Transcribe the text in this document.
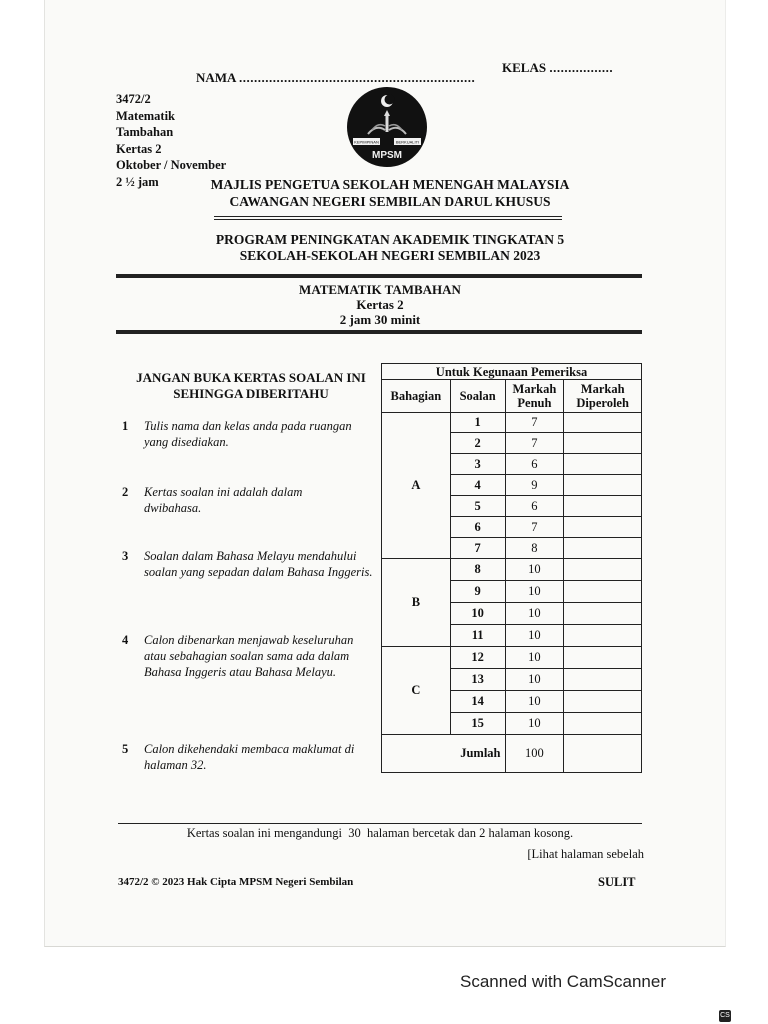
NAMA ...............................................................
KELAS .................
3472/2
Matematik
Tambahan
Kertas 2
Oktober / November
2 ½ jam
KEPIMPINAN	BERKUALITI
MPSM
MAJLIS PENGETUA SEKOLAH MENENGAH MALAYSIA
CAWANGAN NEGERI SEMBILAN DARUL KHUSUS
PROGRAM PENINGKATAN AKADEMIK TINGKATAN 5
SEKOLAH-SEKOLAH NEGERI SEMBILAN 2023
MATEMATIK TAMBAHAN
Kertas 2
2 jam 30 minit
JANGAN BUKA KERTAS SOALAN INI
SEHINGGA DIBERITAHU
1 Tulis nama dan kelas anda pada ruangan yang disediakan.
2 Kertas soalan ini adalah dalam dwibahasa.
3 Soalan dalam Bahasa Melayu mendahului soalan yang sepadan dalam Bahasa Inggeris.
4 Calon dibenarkan menjawab keseluruhan atau sebahagian soalan sama ada dalam Bahasa Inggeris atau Bahasa Melayu.
5 Calon dikehendaki membaca maklumat di halaman 32.
Untuk Kegunaan Pemeriksa			
Bahagian	Soalan	Markah Penuh	Markah Diperoleh
A	1	7	
	2	7	
	3	6	
	4	9	
	5	6	
	6	7	
	7	8	
B	8	10	
	9	10	
	10	10	
	11	10	
C	12	10	
	13	10	
	14	10	
	15	10	
Jumlah		100	
Kertas soalan ini mengandungi  30  halaman bercetak dan 2 halaman kosong.
[Lihat halaman sebelah
3472/2 © 2023 Hak Cipta MPSM Negeri Sembilan	SULIT
Scanned with CamScanner
CS
